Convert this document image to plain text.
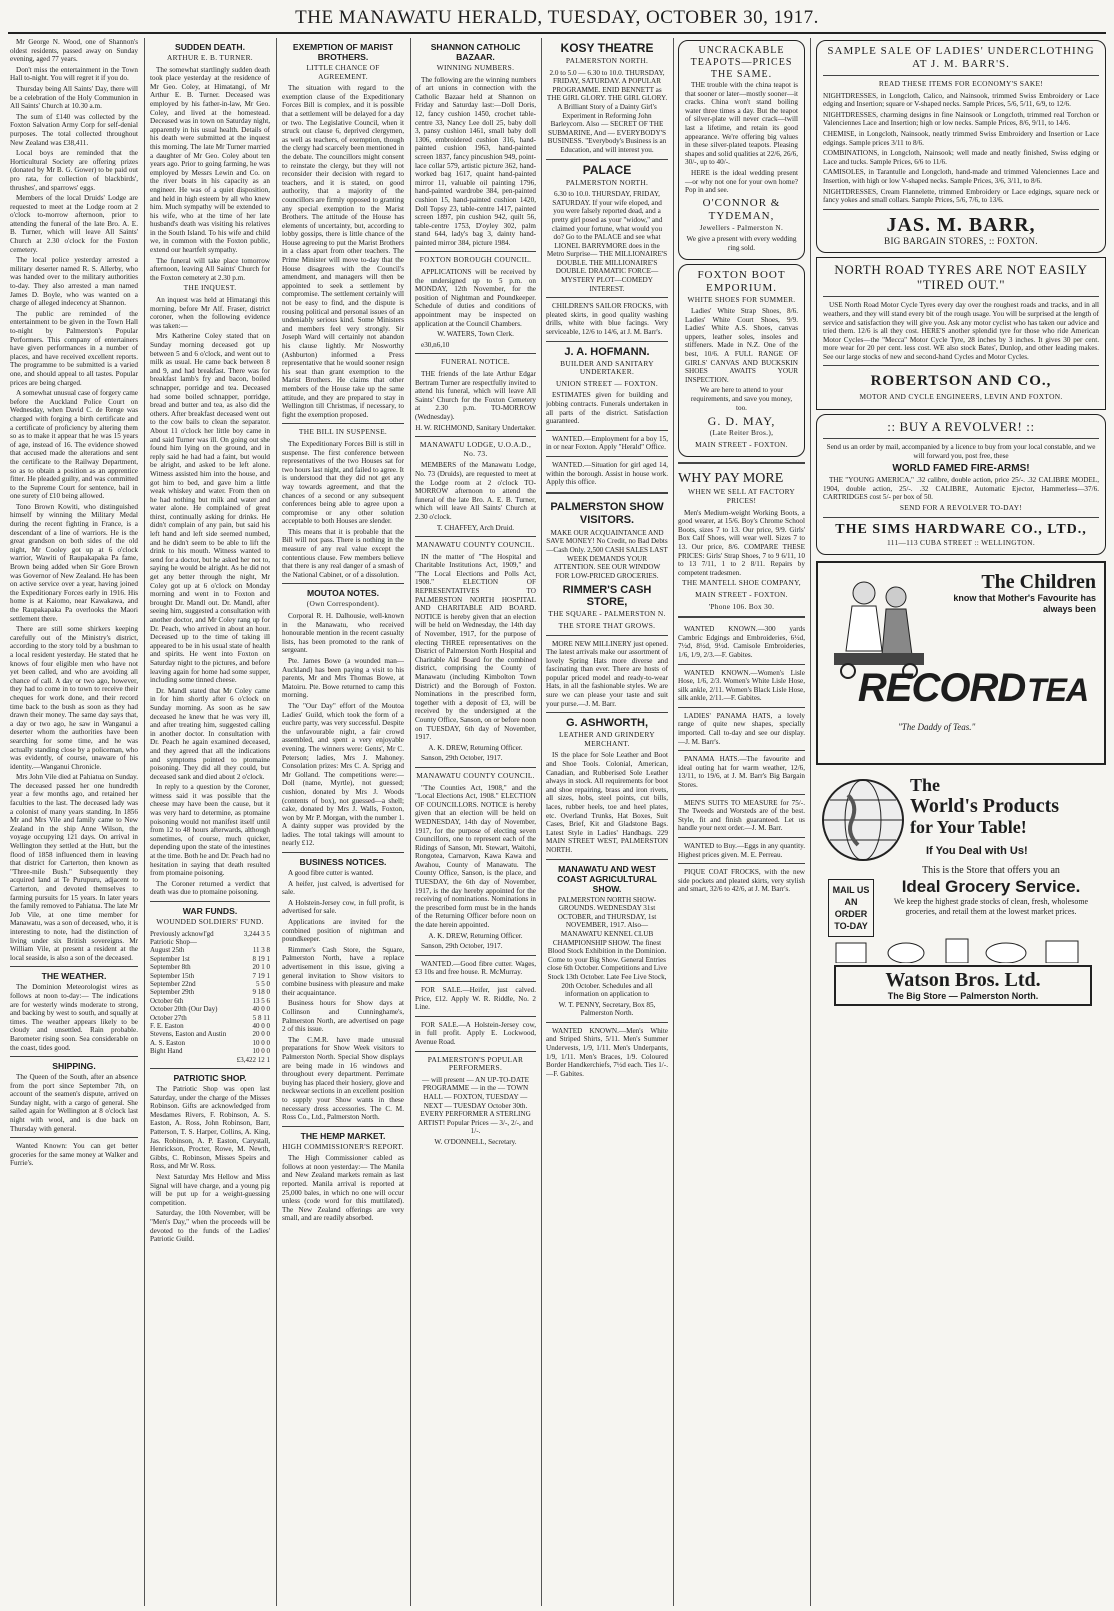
THE MANAWATU HERALD, TUESDAY, OCTOBER 30, 1917.

Mr George N. Wood, one of Shannon's oldest residents, passed away on Sunday evening, aged 77 years.

Don't miss the entertainment in the Town Hall to-night. You will regret it if you do.

Thursday being All Saints' Day, there will be a celebration of the Holy Communion in All Saints' Church at 10.30 a.m.

The sum of £140 was collected by the Foxton Salvation Army Corp for self-denial purposes. The total collected throughout New Zealand was £38,411.

Local boys are reminded that the Horticultural Society are offering prizes (donated by Mr B. G. Gower) to be paid out pro rata, for collection of blackbirds', thrushes', and sparrows' eggs.

Members of the local Druids' Lodge are requested to meet at the Lodge room at 2 o'clock to-morrow afternoon, prior to attending the funeral of the late Bro. A. E. B. Turner, which will leave All Saints' Church at 2.30 o'clock for the Foxton cemetery.

The local police yesterday arrested a military deserter named R. S. Allerby, who was handed over to the military authorities to-day. They also arrested a man named James D. Boyle, who was wanted on a charge of alleged indecency at Shannon.

The public are reminded of the entertainment to be given in the Town Hall to-night by Palmerston's Popular Performers. This company of entertainers have given performances in a number of places, and have received excellent reports. The programme to be submitted is a varied one, and should appeal to all tastes. Popular prices are being charged.

A somewhat unusual case of forgery came before the Auckland Police Court on Wednesday, when David C. de Renge was charged with forging a birth certificate and a certificate of proficiency by altering them so as to make it appear that he was 15 years of age, instead of 16. The evidence showed that accused made the alterations and sent the certificate to the Railway Department, so as to obtain a position as an apprentice fitter. He pleaded guilty, and was committed to the Supreme Court for sentence, bail in one surety of £10 being allowed.

Tono Brown Kowiti, who distinguished himself by winning the Military Medal during the recent fighting in France, is a descendant of a line of warriors. He is the great grandson on both sides of the old night, Mr Cooley got up at 6 o'clock warrior, Wawiti of Raupakapaka Pa fame, Brown being added when Sir Gore Brown was Governor of New Zealand. He has been on active service over a year, having joined the Expeditionary Forces early in 1916. His home is at Kaiomo, near Kawakawa, and the Raupakapaka Pa overlooks the Maori settlement there.

There are still some shirkers keeping carefully out of the Ministry's district, according to the story told by a bushman to a local resident yesterday. He stated that he knows of four eligible men who have not yet been called, and who are avoiding all chance of call. A day or two ago, however, they had to come in to town to receive their cheques for work done, and their record time back to the bush as soon as they had drawn their money. The same day says that, a day or two ago, he saw in Wanganui a deserter whom the authorities have been searching for some time, and he was actually standing close by a policeman, who was evidently, of course, unaware of his identity.—Wanganui Chronicle.

Mrs John Vile died at Pahiatua on Sunday. The deceased passed her one hundredth year a few months ago, and retained her faculties to the last. The deceased lady was a colonist of many years standing. In 1856 Mr and Mrs Vile and family came to New Zealand in the ship Anne Wilson, the voyage occupying 121 days. On arrival in Wellington they settled at the Hutt, but the flood of 1858 influenced them in leaving that district for Carterton, then known as "Three-mile Bush." Subsequently they acquired land at Te Purupuru, adjacent to Carterton, and devoted themselves to farming pursuits for 15 years. In later years the family removed to Pahiatua. The late Mr Job Vile, at one time member for Manawatu, was a son of deceased, who, it is interesting to note, had the distinction of living under six British sovereigns. Mr William Vile, at present a resident at the local seaside, is also a son of the deceased.

THE WEATHER.

The Dominion Meteorologist wires as follows at noon to-day:— The indications are for westerly winds moderate to strong, and backing by west to south, and squally at times. The weather appears likely to be cloudy and unsettled. Rain probable. Barometer rising soon. Sea considerable on the coast, tides good.

SHIPPING.

The Queen of the South, after an absence from the port since September 7th, on account of the seamen's dispute, arrived on Sunday night, with a cargo of general. She sailed again for Wellington at 8 o'clock last night with wool, and is due back on Thursday with general.

Wanted Known: You can get better groceries for the same money at Walker and Furrie's.

SUDDEN DEATH.
ARTHUR E. B. TURNER.

The somewhat startlingly sudden death took place yesterday at the residence of Mr Geo. Coley, at Himatangi, of Mr Arthur E. B. Turner. Deceased was employed by his father-in-law, Mr Geo. Coley, and lived at the homestead. Deceased was in town on Saturday night, apparently in his usual health. Details of his death were submitted at the inquest this morning. The late Mr Turner married a daughter of Mr Geo. Coley about ten years ago. Prior to going farming, he was employed by Messrs Lewin and Co. on the river boats in his capacity as an engineer. He was of a quiet disposition, and held in high esteem by all who knew him. Much sympathy will be extended to his wife, who at the time of her late husband's death was visiting his relatives in the South Island. To his wife and child we, in common with the Foxton public, extend our heartfelt sympathy.

The funeral will take place tomorrow afternoon, leaving All Saints' Church for the Foxton cemetery at 2.30 p.m.

THE INQUEST.

An inquest was held at Himatangi this morning, before Mr Alf. Fraser, district coroner, when the following evidence was taken:—

Mrs Katherine Coley stated that on Sunday morning deceased got up between 5 and 6 o'clock, and went out to milk as usual. He came back between 8 and 9, and had breakfast. There was for breakfast lamb's fry and bacon, boiled schnapper, porridge and tea. Deceased had some boiled schnapper, porridge, bread and butter and tea, as also did the others. After breakfast deceased went out to the cow bails to clean the separator. About 11 o'clock her little boy came in and said Turner was ill. On going out she found him lying on the ground, and in reply said he had had a faint, but would be alright, and asked to be left alone. Witness assisted him into the house, and got him to bed, and gave him a little weak whiskey and water. From then on he had nothing but milk and water and water alone. He complained of great thirst, continually asking for drinks. He didn't complain of any pain, but said his left hand and left side seemed numbed, and he didn't seem to be able to lift the drink to his mouth. Witness wanted to send for a doctor, but he asked her not to, saying he would be alright. As he did not get any better through the night, Mr Coley got up at 6 o'clock on Monday morning and went in to Foxton and brought Dr. Mandl out. Dr. Mandl, after seeing him, suggested a consultation with another doctor, and Mr Coley rang up for Dr. Peach, who arrived in about an hour. Deceased up to the time of taking ill appeared to be in his usual state of health and spirits. He went into Foxton on Saturday night to the pictures, and before leaving again for home had some supper, including some tinned cheese.

Dr. Mandl stated that Mr Coley came in for him shortly after 6 o'clock on Sunday morning. As soon as he saw deceased he knew that he was very ill, and after treating him, suggested calling in another doctor. In consultation with Dr. Peach he again examined deceased, and they agreed that all the indications and symptoms pointed to ptomaine poisoning. They did all they could, but deceased sank and died about 2 o'clock.

In reply to a question by the Coroner, witness said it was possible that the cheese may have been the cause, but it was very hard to determine, as ptomaine poisoning would not manifest itself until from 12 to 48 hours afterwards, although sometimes, of course, much quicker, depending upon the state of the intestines at the time. Both he and Dr. Peach had no hesitation in saying that death resulted from ptomaine poisoning.

The Coroner returned a verdict that death was due to ptomaine poisoning.

WAR FUNDS.
WOUNDED SOLDIERS' FUND.
Previously acknowl'gd	3,244 3 5
Patriotic Shop—	
August 25th	11 3 8
September 1st	8 19 1
September 8th	20 1 0
September 15th	7 19 1
September 22nd	5 5 0
September 29th	9 18 0
October 6th	13 5 6
October 20th (Our Day)	40 0 0
October 27th	5 8 11
F. E. Easton	40 0 0
Stevens, Easton and Austin	20 0 0
A. S. Easton	10 0 0
Bight Hand	10 0 0
	£3,422 12 1
PATRIOTIC SHOP.

The Patriotic Shop was open last Saturday, under the charge of the Misses Robinson. Gifts are acknowledged from Mesdames Rivers, F. Robinson, A. S. Easton, A. Ross, John Robinson, Barr, Patterson, T. S. Harper, Collins, A. King, Jas. Robinson, A. P. Easton, Carystall, Henrickson, Procter, Rowe, M. Newth, Gibbs, C. Robinson, Misses Speirs and Ross, and Mr W. Ross.

Next Saturday Mrs Hellow and Miss Signal will have charge, and a young pig will be put up for a weight-guessing competition.

Saturday, the 10th November, will be "Men's Day," when the proceeds will be devoted to the funds of the Ladies' Patriotic Guild.

EXEMPTION OF MARIST BROTHERS.
LITTLE CHANCE OF AGREEMENT.

The situation with regard to the exemption clause of the Expeditionary Forces Bill is complex, and it is possible that a settlement will be delayed for a day or two. The Legislative Council, when it struck out clause 6, deprived clergymen, as well as teachers, of exemption, though the clergy had scarcely been mentioned in the debate. The councillors might consent to reinstate the clergy, but they will not reconsider their decision with regard to teachers, and it is stated, on good authority, that a majority of the councillors are firmly opposed to granting any special exemption to the Marist Brothers. The attitude of the House has elements of uncertainty, but, according to lobby gossips, there is little chance of the House agreeing to put the Marist Brothers in a class apart from other teachers. The Prime Minister will move to-day that the House disagrees with the Council's amendment, and managers will then be appointed to seek a settlement by compromise. The settlement certainly will not be easy to find, and the dispute is rousing political and personal issues of an undeniably serious kind. Some Ministers and members feel very strongly. Sir Joseph Ward will certainly not abandon his clause lightly. Mr Nosworthy (Ashburton) informed a Press representative that he would sooner resign his seat than grant exemption to the Marist Brothers. He claims that other members of the House take up the same attitude, and they are prepared to stay in Wellington till Christmas, if necessary, to fight the exemption proposed.

THE BILL IN SUSPENSE.

The Expeditionary Forces Bill is still in suspense. The first conference between representatives of the two Houses sat for two hours last night, and failed to agree. It is understood that they did not get any way towards agreement, and that the chances of a second or any subsequent conferences being able to agree upon a compromise or any other solution acceptable to both Houses are slender.

This means that it is probable that the Bill will not pass. There is nothing in the measure of any real value except the contentious clause. Few members believe that there is any real danger of a smash of the National Cabinet, or of a dissolution.

MOUTOA NOTES.
(Own Correspondent).

Corporal R. H. Dalhousie, well-known in the Manawatu, who received honourable mention in the recent casualty lists, has been promoted to the rank of sergeant.

Pte. James Bowe (a wounded man—Auckland) has been paying a visit to his parents, Mr and Mrs Thomas Bowe, at Matoiru. Pte. Bowe returned to camp this morning.

The "Our Day" effort of the Moutoa Ladies' Guild, which took the form of a euchre party, was very successful. Despite the unfavourable night, a fair crowd assembled, and spent a very enjoyable evening. The winners were: Gents', Mr C. Peterson; ladies, Mrs J. Mahoney. Consolation prizes: Mrs C. A. Sprigg and Mr Golland. The competitions were:—Doll (name, Myrtle), not guessed; cushion, donated by Mrs J. Woods (contents of box), not guessed—a shell; cake, donated by Mrs J. Walls, Foxton, won by Mr P. Morgan, with the number 1. A dainty supper was provided by the ladies. The total takings will amount to nearly £12.

BUSINESS NOTICES.

A good fibre cutter is wanted.

A heifer, just calved, is advertised for sale.

A Holstein-Jersey cow, in full profit, is advertised for sale.

Applications are invited for the combined position of nightman and poundkeeper.

Rimmer's Cash Store, the Square, Palmerston North, have a replace advertisement in this issue, giving a general invitation to Show visitors to combine business with pleasure and make their acquaintance.

Business hours for Show days at Collinson and Cunninghame's, Palmerston North, are advertised on page 2 of this issue.

The C.M.R. have made unusual preparations for Show Week visitors to Palmerston North. Special Show displays are being made in 16 windows and throughout every department. Perrimate buying has placed their hosiery, glove and neckwear sections in an excellent position to supply your Show wants in these necessary dress accessories. The C. M. Ross Co., Ltd., Palmerston North.

THE HEMP MARKET.
HIGH COMMISSIONER'S REPORT.

The High Commissioner cabled as follows at noon yesterday:— The Manila and New Zealand markets remain as last reported. Manila arrival is reported at 25,000 bales, in which no one will occur unless (code word for this muttilated). The New Zealand offerings are very small, and are readily absorbed.

SHANNON CATHOLIC BAZAAR.
WINNING NUMBERS.

The following are the winning numbers of art unions in connection with the Catholic Bazaar held at Shannon on Friday and Saturday last:—Doll Doris, 12, fancy cushion 1450, crochet table-centre 33, Nancy Lee doll 25, baby doll 3, pansy cushion 1461, small baby doll 1306, embroidered cushion 316, hand-painted cushion 1963, hand-painted screen 1837, fancy pincushion 949, point-lace collar 579, artistic picture 362, hand-worked bag 1617, quaint hand-painted mirror 11, valuable oil painting 1796, hand-painted wardrobe 384, pen-painted cushion 15, hand-painted cushion 1420, Doll Topsy 23, table-centre 1417, painted screen 1897, pin cushion 942, quilt 56, table-centre 1753, D'oyley 302, palm stand 644, lady's bag 3, dainty hand-painted mirror 384, picture 1984.

FOXTON BOROUGH COUNCIL.

APPLICATIONS will be received by the undersigned up to 5 p.m. on MONDAY, 12th November, for the position of Nightman and Poundkeeper. Schedule of duties and conditions of appointment may be inspected on application at the Council Chambers.

W. WATERS, Town Clerk.

e30,n6,10

FUNERAL NOTICE.

THE friends of the late Arthur Edgar Bertram Turner are respectfully invited to attend his funeral, which will leave All Saints' Church for the Foxton Cemetery at 2.30 p.m. TO-MORROW (Wednesday).

H. W. RICHMOND, Sanitary Undertaker.

MANAWATU LODGE, U.O.A.D., No. 73.

MEMBERS of the Manawatu Lodge, No. 73 (Druids), are requested to meet at the Lodge room at 2 o'clock TO-MORROW afternoon to attend the funeral of the late Bro. A. E. B. Turner, which will leave All Saints' Church at 2.30 o'clock.

T. CHAFFEY, Arch Druid.

MANAWATU COUNTY COUNCIL.

IN the matter of "The Hospital and Charitable Institutions Act, 1909," and "The Local Elections and Polls Act, 1908." ELECTION OF REPRESENTATIVES TO PALMERSTON NORTH HOSPITAL AND CHARITABLE AID BOARD. NOTICE is hereby given that an election will be held on Wednesday, the 14th day of November, 1917, for the purpose of electing THREE representatives on the District of Palmerston North Hospital and Charitable Aid Board for the combined district, comprising the County of Manawatu (including Kimbolton Town District) and the Borough of Foxton. Nominations in the prescribed form, together with a deposit of £3, will be received by the undersigned at the County Office, Sanson, on or before noon on TUESDAY, 6th day of November, 1917.

A. K. DREW, Returning Officer.

Sanson, 29th October, 1917.

MANAWATU COUNTY COUNCIL.

"The Counties Act, 1908," and the "Local Elections Act, 1908." ELECTION OF COUNCILLORS. NOTICE is hereby given that an election will be held on WEDNESDAY, 14th day of November, 1917, for the purpose of electing seven Councillors, one to represent each of the Ridings of Sanson, Mt. Stewart, Waitohi, Rongotea, Carnarvon, Kawa Kawa and Awahou, County of Manawatu. The County Office, Sanson, is the place, and TUESDAY, the 6th day of November, 1917, is the day hereby appointed for the receiving of nominations. Nominations in the prescribed form must be in the hands of the Returning Officer before noon on the date herein appointed.

A. K. DREW, Returning Officer.

Sanson, 29th October, 1917.

WANTED.—Good fibre cutter. Wages, £3 10s and free house. R. McMurray.

FOR SALE.—Heifer, just calved. Price, £12. Apply W. R. Riddle, No. 2 Line.

FOR SALE.—A Holstein-Jersey cow, in full profit. Apply E. Lockwood, Avenue Road.

PALMERSTON'S POPULAR PERFORMERS.

— will present — AN UP-TO-DATE PROGRAMME — in the — TOWN HALL — FOXTON, TUESDAY — NEXT — TUESDAY October 30th. EVERY PERFORMER A STERLING ARTIST! Popular Prices — 3/-, 2/-, and 1/-.

W. O'DONNELL, Secretary.

KOSY THEATRE
PALMERSTON NORTH.

2.0 to 5.0 — 6.30 to 10.0. THURSDAY, FRIDAY, SATURDAY. A POPULAR PROGRAMME. ENID BENNETT as THE GIRL GLORY. THE GIRL GLORY. A Brilliant Story of a Dainty Girl's Experiment in Reforming John Barleycorn. Also — SECRET OF THE SUBMARINE, And — EVERYBODY'S BUSINESS. "Everybody's Business is an Education, and will interest you.

PALACE
PALMERSTON NORTH.

6.30 to 10.0. THURSDAY, FRIDAY, SATURDAY. If your wife eloped, and you were falsely reported dead, and a pretty girl posed as your "widow," and claimed your fortune, what would you do? Go to the PALACE and see what LIONEL BARRYMORE does in the Metro Surprise— THE MILLIONAIRE'S DOUBLE. THE MILLIONAIRE'S DOUBLE. DRAMATIC FORCE—MYSTERY PLOT—COMEDY INTEREST.

CHILDREN'S SAILOR FROCKS, with pleated skirts, in good quality washing drills, white with blue facings. Very serviceable, 12/6 to 14/6, at J. M. Barr's.

J. A. HOFMANN.
BUILDER AND SANITARY UNDERTAKER.
UNION STREET — FOXTON.

ESTIMATES given for building and jobbing contracts. Funerals undertaken in all parts of the district. Satisfaction guaranteed.

WANTED.—Employment for a boy 15, in or near Foxton. Apply "Herald" Office.

WANTED.—Situation for girl aged 14, within the borough. Assist in house work. Apply this office.

PALMERSTON SHOW VISITORS.

MAKE OUR ACQUAINTANCE AND SAVE MONEY! No Credit, no Bad Debts—Cash Only. 2,500 CASH SALES LAST WEEK DEMANDS YOUR ATTENTION. SEE OUR WINDOW FOR LOW-PRICED GROCERIES.

RIMMER'S CASH STORE,
THE SQUARE - PALMERSTON N.
THE STORE THAT GROWS.

MORE NEW MILLINERY just opened. The latest arrivals make our assortment of lovely Spring Hats more diverse and fascinating than ever. There are hosts of popular priced model and ready-to-wear Hats, in all the fashionable styles. We are sure we can please your taste and suit your purse.—J. M. Barr.

G. ASHWORTH,
LEATHER AND GRINDERY MERCHANT.

IS the place for Sole Leather and Boot and Shoe Tools. Colonial, American, Canadian, and Rubberised Sole Leather always in stock. All requirements for boot and shoe repairing, brass and iron rivets, all sizes, hobs, steel points, cut bills, laces, rubber heels, toe and heel plates, etc. Overland Trunks, Hat Boxes, Suit Cases, Brief, Kit and Gladstone Bags. Latest Style in Ladies' Handbags. 229 MAIN STREET WEST, PALMERSTON NORTH.

MANAWATU AND WEST COAST AGRICULTURAL SHOW.

PALMERSTON NORTH SHOW-GROUNDS. WEDNESDAY 31st OCTOBER, and THURSDAY, 1st NOVEMBER, 1917. Also— MANAWATU KENNEL CLUB CHAMPIONSHIP SHOW. The finest Blood Stock Exhibition in the Dominion. Come to your Big Show. General Entries close 6th October. Competitions and Live Stock 13th October. Late Fee Live Stock, 20th October. Schedules and all information on application to

W. T. PENNY, Secretary, Box 85, Palmerston North.

WANTED KNOWN.—Men's White and Striped Shirts, 5/11. Men's Summer Undervests, 1/9, 1/11. Men's Underpants, 1/9, 1/11. Men's Braces, 1/9. Coloured Border Handkerchiefs, 7½d each. Ties 1/-.—F. Gabites.

UNCRACKABLE TEAPOTS—PRICES THE SAME.

THE trouble with the china teapot is that sooner or later—mostly sooner—it cracks. China won't stand boiling water three times a day. But the teapot of silver-plate will never crack—twill last a lifetime, and retain its good appearance. We're offering big values in these silver-plated teapots. Pleasing shapes and solid qualities at 22/6, 26/6, 30/-, up to 40/-.

HERE is the ideal wedding present—or why not one for your own home? Pop in and see.

O'CONNOR & TYDEMAN,
Jewellers - Palmerston N.

We give a present with every wedding ring sold.

FOXTON BOOT EMPORIUM.
WHITE SHOES FOR SUMMER.

Ladies' White Strap Shoes, 8/6. Ladies' White Court Shoes, 9/9. Ladies' White A.S. Shoes, canvas uppers, leather soles, insoles and stiffeners. Made in N.Z. One of the best, 10/6. A FULL RANGE OF GIRLS' CANVAS AND BUCKSKIN SHOES AWAITS YOUR INSPECTION.

We are here to attend to your requirements, and save you money, too.

G. D. MAY,
(Late Reiter Bros.),
MAIN STREET - FOXTON.
WHY PAY MORE
WHEN WE SELL AT FACTORY PRICES!

Men's Medium-weight Working Boots, a good wearer, at 15/6. Boy's Chrome School Boots, sizes 7 to 13. Our price, 9/9. Girls' Box Calf Shoes, will wear well. Sizes 7 to 13. Our price, 8/6. COMPARE THESE PRICES: Girls' Strap Shoes, 7 to 9 6/11, 10 to 13 7/11, 1 to 2 8/11. Repairs by competent tradesmen.

THE MANTELL SHOE COMPANY,
MAIN STREET - FOXTON.
'Phone 106. Box 30.

WANTED KNOWN.—300 yards Cambric Edgings and Embroideries, 6½d, 7½d, 8½d, 9½d. Camisole Embroideries, 1/6, 1/9, 2/3.—F. Gabites.

WANTED KNOWN.—Women's Lisle Hose, 1/6, 2/3. Women's White Lisle Hose, silk ankle, 2/11. Women's Black Lisle Hose, silk ankle, 2/11.—F. Gabites.

LADIES' PANAMA HATS, a lovely range of quite new shapes, specially imported. Call to-day and see our display.—J. M. Barr's.

PANAMA HATS.—The favourite and ideal outing hat for warm weather, 12/6, 13/11, to 19/6, at J. M. Barr's Big Bargain Stores.

MEN'S SUITS TO MEASURE for 75/-. The Tweeds and Worsteds are of the best. Style, fit and finish guaranteed. Let us handle your next order.—J. M. Barr.

WANTED to Buy.—Eggs in any quantity. Highest prices given. M. E. Perreau.

PIQUE COAT FROCKS, with the new side pockets and pleated skirts, very stylish and smart, 32/6 to 42/6, at J. M. Barr's.

SAMPLE SALE OF LADIES' UNDERCLOTHING AT J. M. BARR'S.
READ THESE ITEMS FOR ECONOMY'S SAKE!

NIGHTDRESSES, in Longcloth, Calico, and Nainsook, trimmed Swiss Embroidery or Lace edging and Insertion; square or V-shaped necks. Sample Prices, 5/6, 5/11, 6/9, to 12/6.

NIGHTDRESSES, charming designs in fine Nainsook or Longcloth, trimmed real Torchon or Valenciennes Lace and Insertion; high or low necks. Sample Prices, 8/6, 9/11, to 14/6.

CHEMISE, in Longcloth, Nainsook, neatly trimmed Swiss Embroidery and Insertion or Lace edgings. Sample prices 3/11 to 8/6.

COMBINATIONS, in Longcloth, Nainsook; well made and neatly finished, Swiss edging or Lace and tucks. Sample Prices, 6/6 to 11/6.

CAMISOLES, in Tarantulle and Longcloth, hand-made and trimmed Valenciennes Lace and Insertion, with high or low V-shaped necks. Sample Prices, 3/6, 3/11, to 8/6.

NIGHTDRESSES, Cream Flannelette, trimmed Embroidery or Lace edgings, square neck or fancy yokes and small collars. Sample Prices, 5/6, 7/6, to 13/6.

JAS. M. BARR,
BIG BARGAIN STORES, :: FOXTON.
NORTH ROAD TYRES ARE NOT EASILY "TIRED OUT."

USE North Road Motor Cycle Tyres every day over the roughest roads and tracks, and in all weathers, and they will stand every bit of the rough usage. You will be surprised at the length of service and satisfaction they will give you. Ask any motor cyclist who has taken our advice and tried them. 12/6 is all they cost. HERE'S another splendid tyre for those who ride American Motor Cycles—the "Mecca" Motor Cycle Tyre, 28 inches by 3 inches. It gives 30 per cent. more wear for 20 per cent. less cost. WE also stock Bates', Dunlop, and other leading makes. See our large stocks of new and second-hand Cycles and Motor Cycles.

ROBERTSON AND CO.,
MOTOR AND CYCLE ENGINEERS, LEVIN AND FOXTON.
:: BUY A REVOLVER! ::

Send us an order by mail, accompanied by a licence to buy from your local constable, and we will forward you, post free, these

WORLD FAMED FIRE-ARMS!

THE "YOUNG AMERICA," .32 calibre, double action, price 25/-. .32 CALIBRE MODEL, 1904, double action, 25/-. .32 CALIBRE, Automatic Ejector, Hammerless—37/6. CARTRIDGES cost 5/- per box of 50.

SEND FOR A REVOLVER TO-DAY!
THE SIMS HARDWARE CO., LTD.,
111—113 CUBA STREET :: WELLINGTON.
The Children
know that Mother's Favourite has always been
RECORD TEA
"The Daddy of Teas."
The
World's Products
for Your Table!
If You Deal with Us!
MAIL US AN ORDER TO-DAY
This is the Store that offers you an
Ideal Grocery Service.
We keep the highest grade stocks of clean, fresh, wholesome groceries, and retail them at the lowest market prices.
Watson Bros. Ltd.
The Big Store — Palmerston North.
